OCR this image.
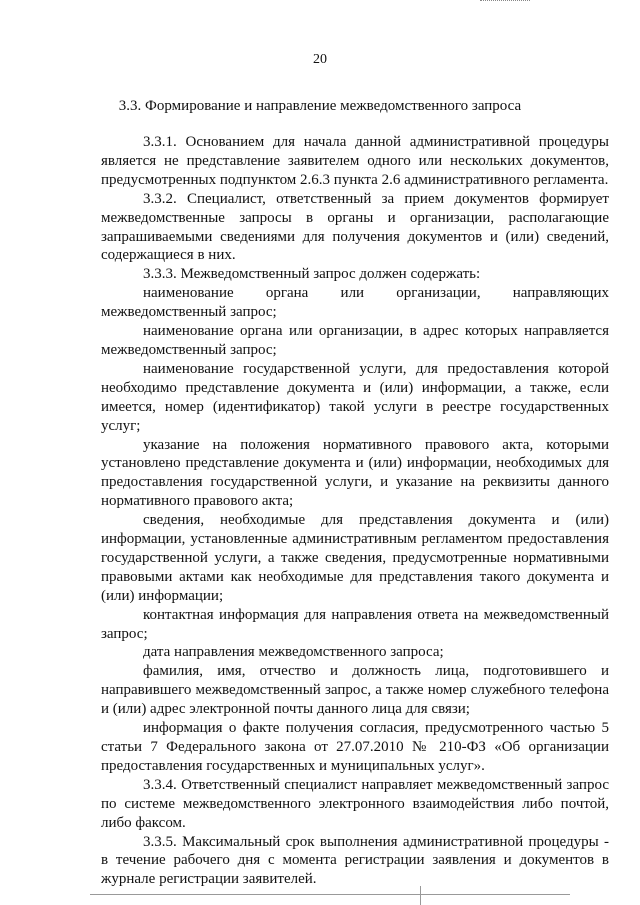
20
3.3. Формирование и направление межведомственного запроса

3.3.1. Основанием для начала данной административной процедуры является не представление заявителем одного или нескольких документов, предусмотренных подпунктом 2.6.3 пункта 2.6 административного регламента.

3.3.2. Специалист, ответственный за прием документов формирует межведомственные запросы в органы и организации, располагающие запрашиваемыми сведениями для получения документов и (или) сведений, содержащиеся в них.

3.3.3. Межведомственный запрос должен содержать:

наименование органа или организации, направляющих межведомственный запрос;

наименование органа или организации, в адрес которых направляется межведомственный запрос;

наименование государственной услуги, для предоставления которой необходимо представление документа и (или) информации, а также, если имеется, номер (идентификатор) такой услуги в реестре государственных услуг;

указание на положения нормативного правового акта, которыми установлено представление документа и (или) информации, необходимых для предоставления государственной услуги, и указание на реквизиты данного нормативного правового акта;

сведения, необходимые для представления документа и (или) информации, установленные административным регламентом предоставления государственной услуги, а также сведения, предусмотренные нормативными правовыми актами как необходимые для представления такого документа и (или) информации;

контактная информация для направления ответа на межведомственный запрос;

дата направления межведомственного запроса;

фамилия, имя, отчество и должность лица, подготовившего и направившего межведомственный запрос, а также номер служебного телефона и (или) адрес электронной почты данного лица для связи;

информация о факте получения согласия, предусмотренного частью 5 статьи 7 Федерального закона от 27.07.2010 № 210-ФЗ «Об организации предоставления государственных и муниципальных услуг».

3.3.4. Ответственный специалист направляет межведомственный запрос по системе межведомственного электронного взаимодействия либо почтой, либо факсом.

3.3.5. Максимальный срок выполнения административной процедуры - в течение рабочего дня с момента регистрации заявления и документов в журнале регистрации заявителей.
